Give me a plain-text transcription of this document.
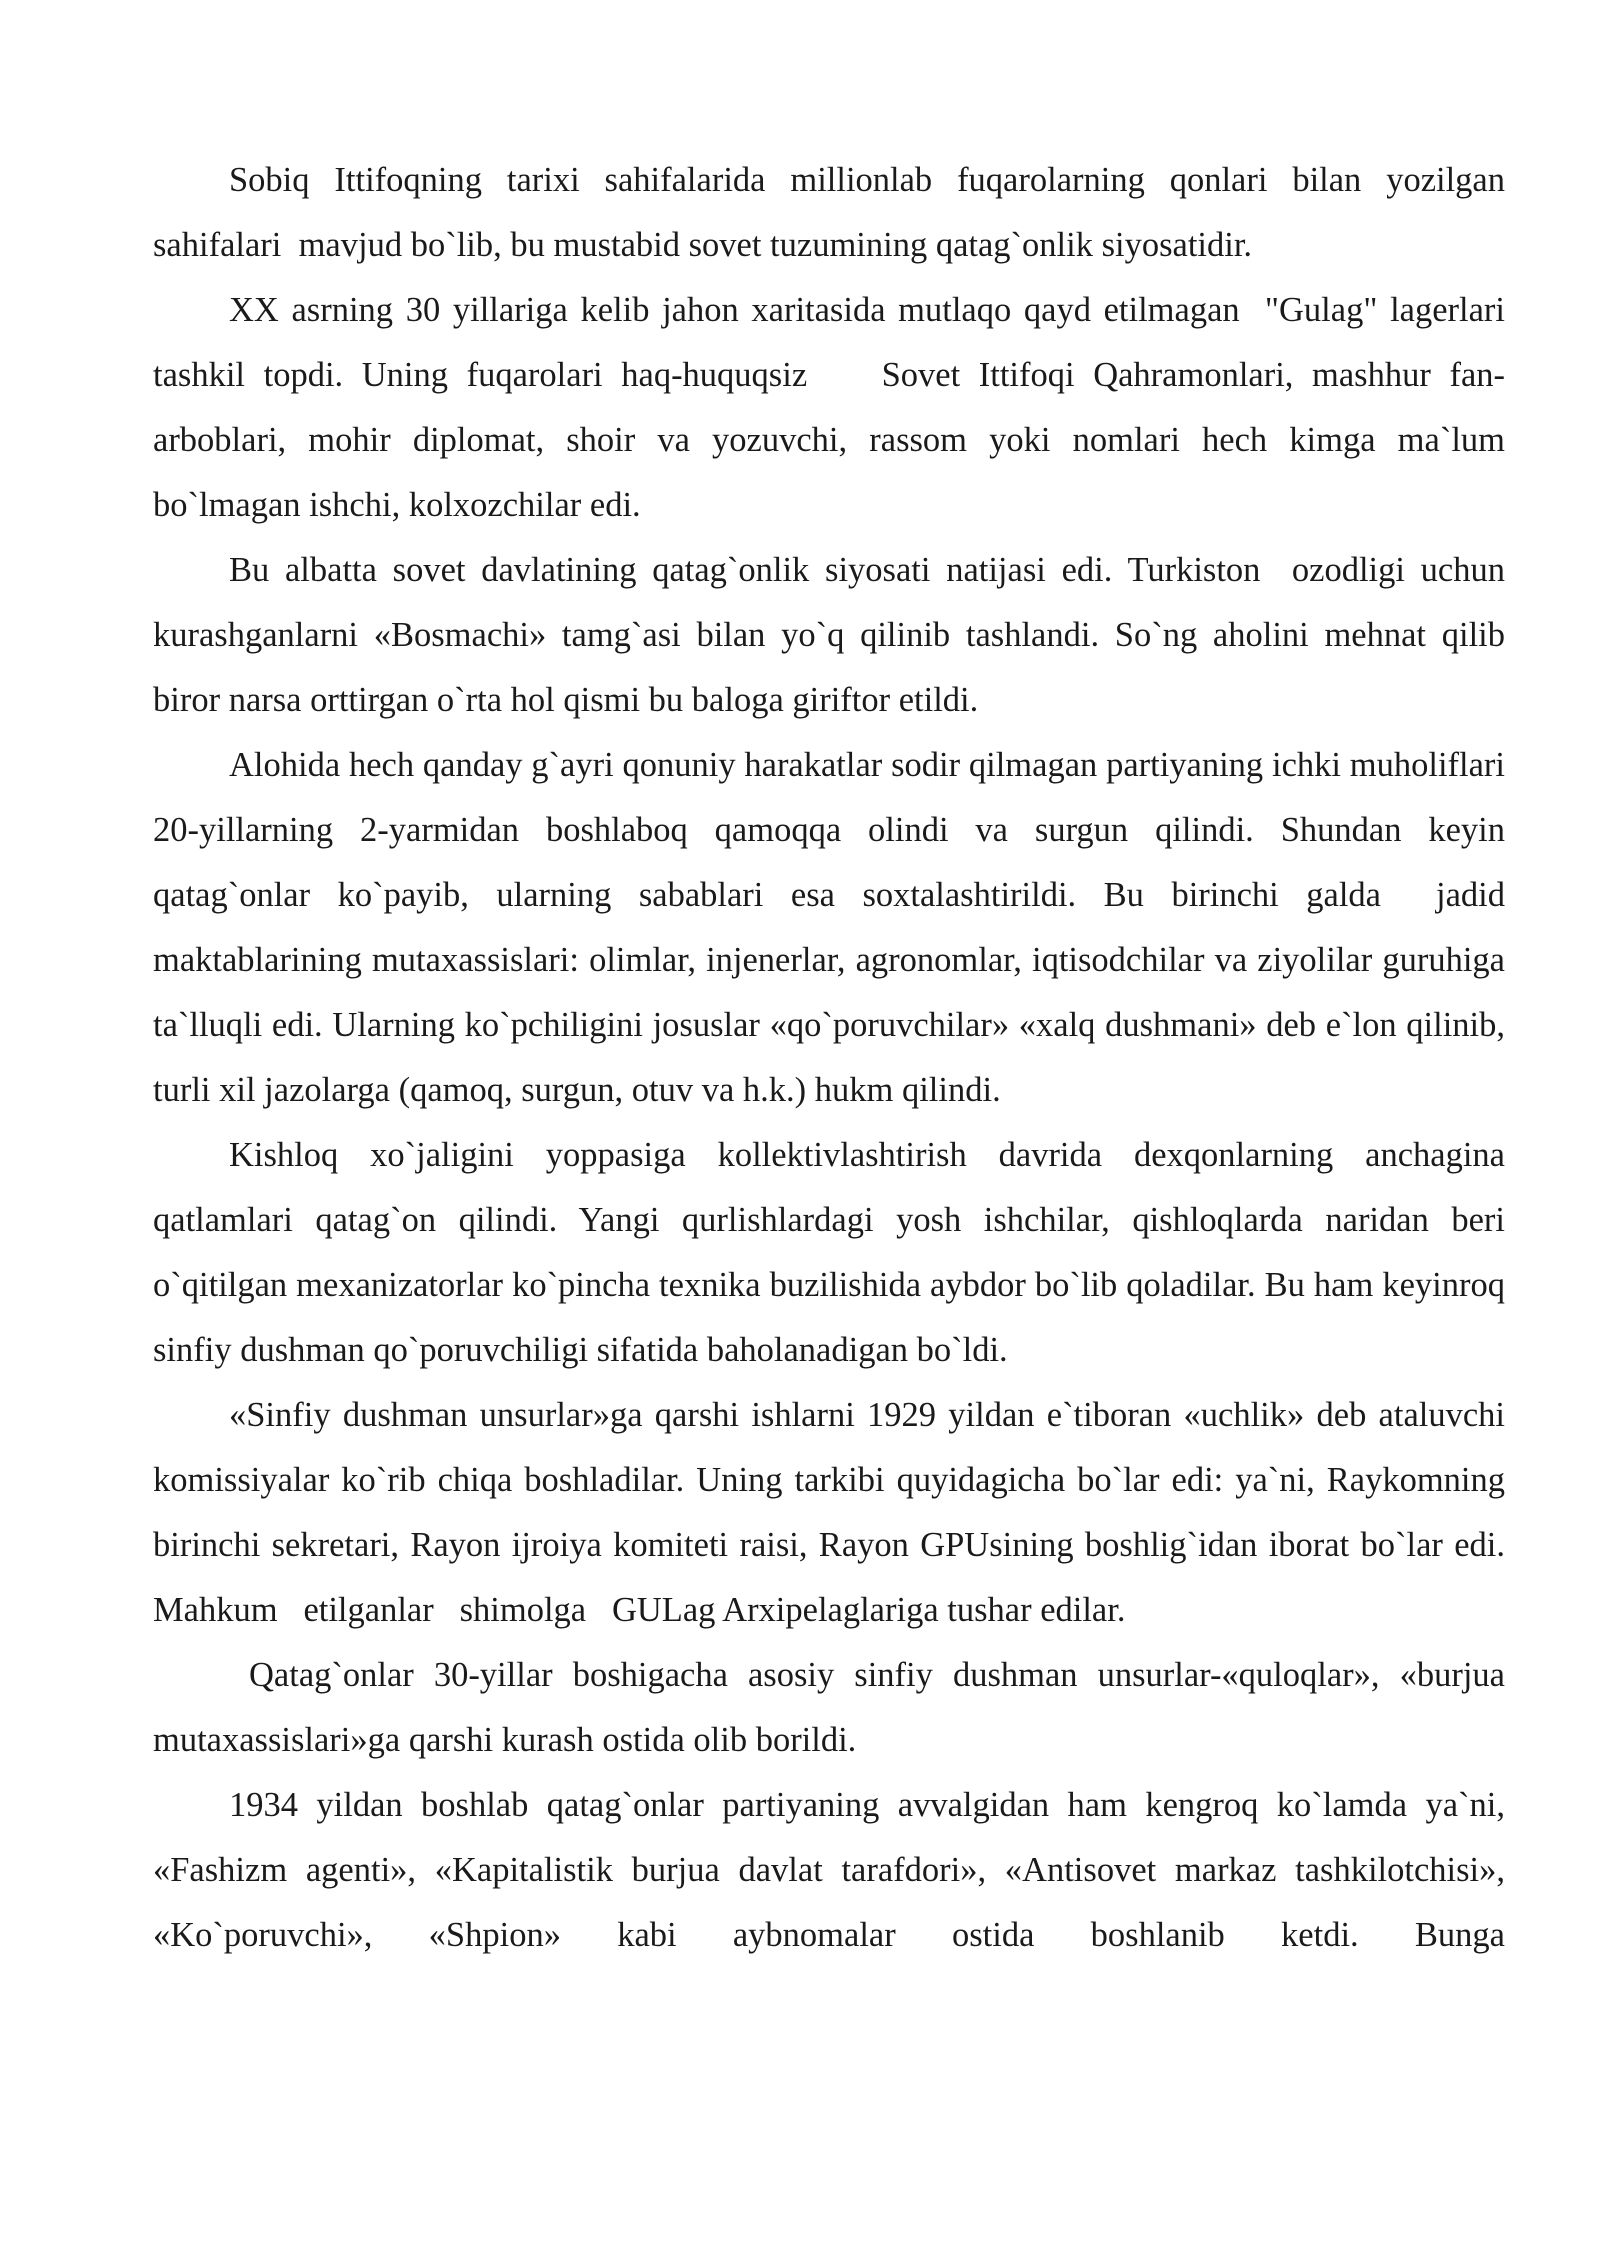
Sobiq Ittifoqning tarixi sahifalarida millionlab fuqarolarning qonlari bilan yozilgan sahifalari  mavjud bo`lib, bu mustabid sovet tuzumining qatag`onlik siyosatidir.

XX asrning 30 yillariga kelib jahon xaritasida mutlaqo qayd etilmagan  "Gulag" lagerlari tashkil topdi. Uning fuqarolari haq-huquqsiz    Sovet Ittifoqi Qahramonlari, mashhur fan-arboblari, mohir diplomat, shoir va yozuvchi, rassom yoki nomlari hech kimga ma`lum bo`lmagan ishchi, kolxozchilar edi.

Bu albatta sovet davlatining qatag`onlik siyosati natijasi edi. Turkiston  ozodligi uchun kurashganlarni «Bosmachi» tamg`asi bilan yo`q qilinib tashlandi. So`ng aholini mehnat qilib biror narsa orttirgan o`rta hol qismi bu baloga giriftor etildi.

Alohida hech qanday g`ayri qonuniy harakatlar sodir qilmagan partiyaning ichki muholiflari 20-yillarning 2-yarmidan boshlaboq qamoqqa olindi va surgun qilindi. Shundan keyin qatag`onlar ko`payib, ularning sabablari esa soxtalashtirildi. Bu birinchi galda  jadid maktablarining mutaxassislari: olimlar, injenerlar, agronomlar, iqtisodchilar va ziyolilar guruhiga ta`lluqli edi. Ularning ko`pchiligini josuslar «qo`poruvchilar» «xalq dushmani» deb e`lon qilinib, turli xil jazolarga (qamoq, surgun, otuv va h.k.) hukm qilindi.

Kishloq xo`jaligini yoppasiga kollektivlashtirish davrida dexqonlarning anchagina qatlamlari qatag`on qilindi. Yangi qurlishlardagi yosh ishchilar, qishloqlarda naridan beri o`qitilgan mexanizatorlar ko`pincha texnika buzilishida aybdor bo`lib qoladilar. Bu ham keyinroq sinfiy dushman qo`poruvchiligi sifatida baholanadigan bo`ldi.

«Sinfiy dushman unsurlar»ga qarshi ishlarni 1929 yildan e`tiboran «uchlik» deb ataluvchi komissiyalar ko`rib chiqa boshladilar. Uning tarkibi quyidagicha bo`lar edi: ya`ni, Raykomning birinchi sekretari, Rayon ijroiya komiteti raisi, Rayon GPUsining boshlig`idan iborat bo`lar edi. Mahkum   etilganlar   shimolga   GULag Arxipelaglariga tushar edilar.

Qatag`onlar 30-yillar boshigacha asosiy sinfiy dushman unsurlar-«quloqlar», «burjua mutaxassislari»ga qarshi kurash ostida olib borildi.

1934 yildan boshlab qatag`onlar partiyaning avvalgidan ham kengroq ko`lamda ya`ni, «Fashizm agenti», «Kapitalistik burjua davlat tarafdori», «Antisovet markaz tashkilotchisi», «Ko`poruvchi», «Shpion» kabi aybnomalar ostida boshlanib ketdi. Bunga
